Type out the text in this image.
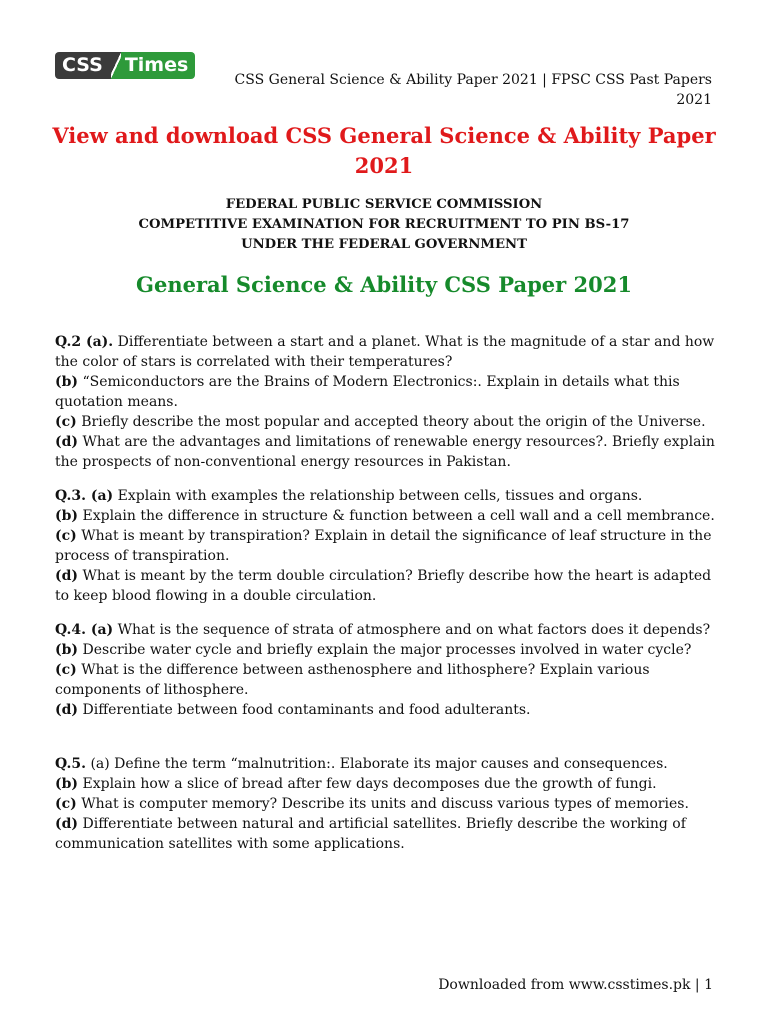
CSS	Times
CSS General Science & Ability Paper 2021 | FPSC CSS Past Papers 2021
View and download CSS General Science & Ability Paper 2021
FEDERAL PUBLIC SERVICE COMMISSION
COMPETITIVE EXAMINATION FOR RECRUITMENT TO PIN BS-17
UNDER THE FEDERAL GOVERNMENT
General Science & Ability CSS Paper 2021

Q.2 (a). Differentiate between a start and a planet. What is the magnitude of a star and how the color of stars is correlated with their temperatures?

(b) “Semiconductors are the Brains of Modern Electronics:. Explain in details what this quotation means.

(c) Briefly describe the most popular and accepted theory about the origin of the Universe.

(d) What are the advantages and limitations of renewable energy resources?. Briefly explain the prospects of non-conventional energy resources in Pakistan.

Q.3. (a) Explain with examples the relationship between cells, tissues and organs.

(b) Explain the difference in structure & function between a cell wall and a cell membrance.

(c) What is meant by transpiration? Explain in detail the significance of leaf structure in the process of transpiration.

(d) What is meant by the term double circulation? Briefly describe how the heart is adapted to keep blood flowing in a double circulation.

Q.4. (a) What is the sequence of strata of atmosphere and on what factors does it depends?

(b) Describe water cycle and briefly explain the major processes involved in water cycle?

(c) What is the difference between asthenosphere and lithosphere? Explain various components of lithosphere.

(d) Differentiate between food contaminants and food adulterants.

Q.5. (a) Define the term “malnutrition:. Elaborate its major causes and consequences.

(b) Explain how a slice of bread after few days decomposes due the growth of fungi.

(c) What is computer memory? Describe its units and discuss various types of memories.

(d) Differentiate between natural and artificial satellites. Briefly describe the working of communication satellites with some applications.

Downloaded from www.csstimes.pk | 1
